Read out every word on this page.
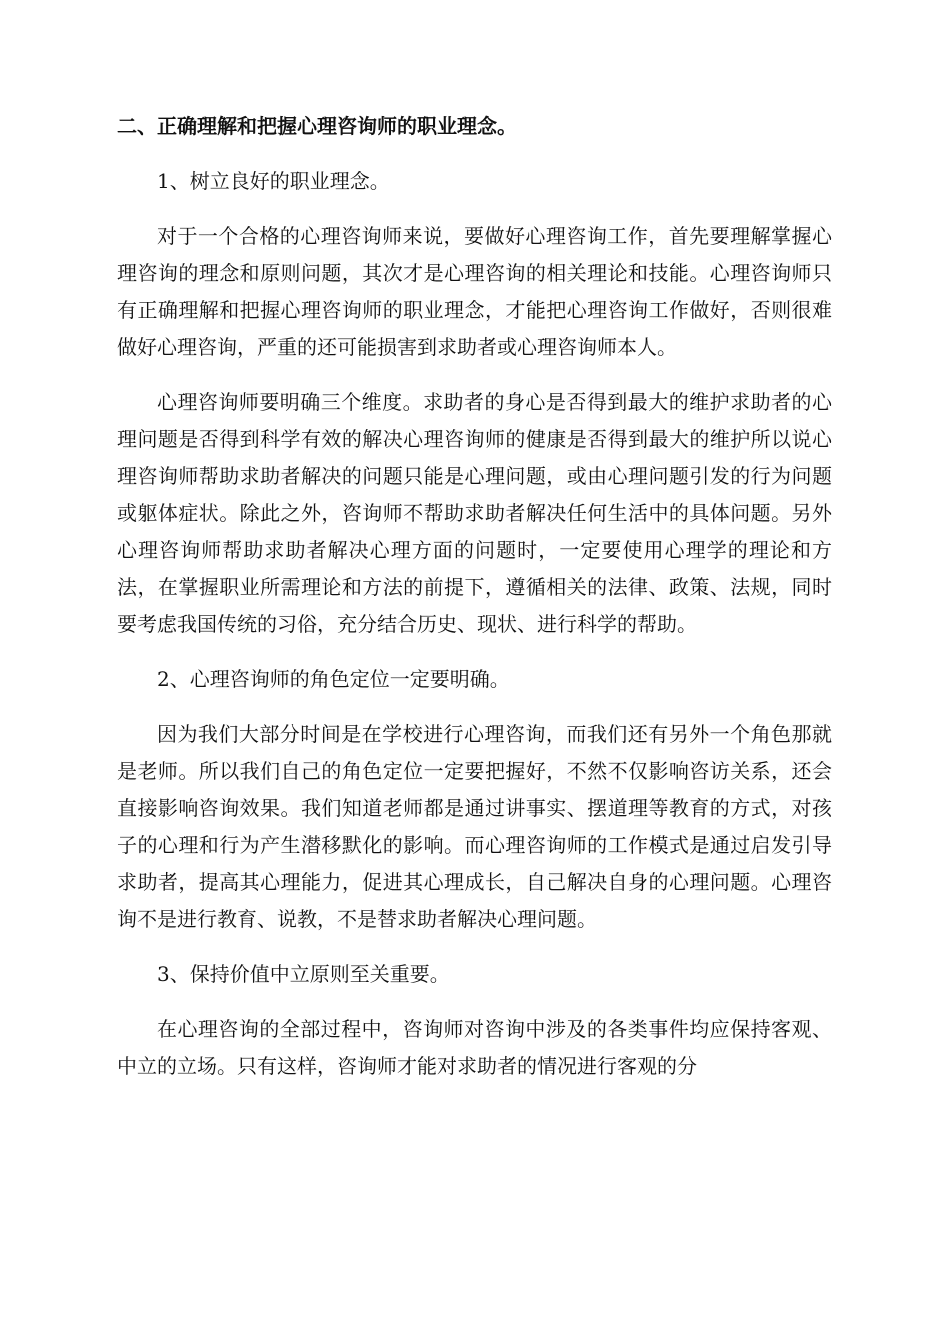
二、正确理解和把握心理咨询师的职业理念。

1、树立良好的职业理念。

对于一个合格的心理咨询师来说，要做好心理咨询工作，首先要理解掌握心理咨询的理念和原则问题，其次才是心理咨询的相关理论和技能。心理咨询师只有正确理解和把握心理咨询师的职业理念，才能把心理咨询工作做好，否则很难做好心理咨询，严重的还可能损害到求助者或心理咨询师本人。

心理咨询师要明确三个维度。求助者的身心是否得到最大的维护求助者的心理问题是否得到科学有效的解决心理咨询师的健康是否得到最大的维护所以说心理咨询师帮助求助者解决的问题只能是心理问题，或由心理问题引发的行为问题或躯体症状。除此之外，咨询师不帮助求助者解决任何生活中的具体问题。另外心理咨询师帮助求助者解决心理方面的问题时，一定要使用心理学的理论和方法，在掌握职业所需理论和方法的前提下，遵循相关的法律、政策、法规，同时要考虑我国传统的习俗，充分结合历史、现状、进行科学的帮助。

2、心理咨询师的角色定位一定要明确。

因为我们大部分时间是在学校进行心理咨询，而我们还有另外一个角色那就是老师。所以我们自己的角色定位一定要把握好，不然不仅影响咨访关系，还会直接影响咨询效果。我们知道老师都是通过讲事实、摆道理等教育的方式，对孩子的心理和行为产生潜移默化的影响。而心理咨询师的工作模式是通过启发引导求助者，提高其心理能力，促进其心理成长，自己解决自身的心理问题。心理咨询不是进行教育、说教，不是替求助者解决心理问题。

3、保持价值中立原则至关重要。

在心理咨询的全部过程中，咨询师对咨询中涉及的各类事件均应保持客观、中立的立场。只有这样，咨询师才能对求助者的情况进行客观的分
